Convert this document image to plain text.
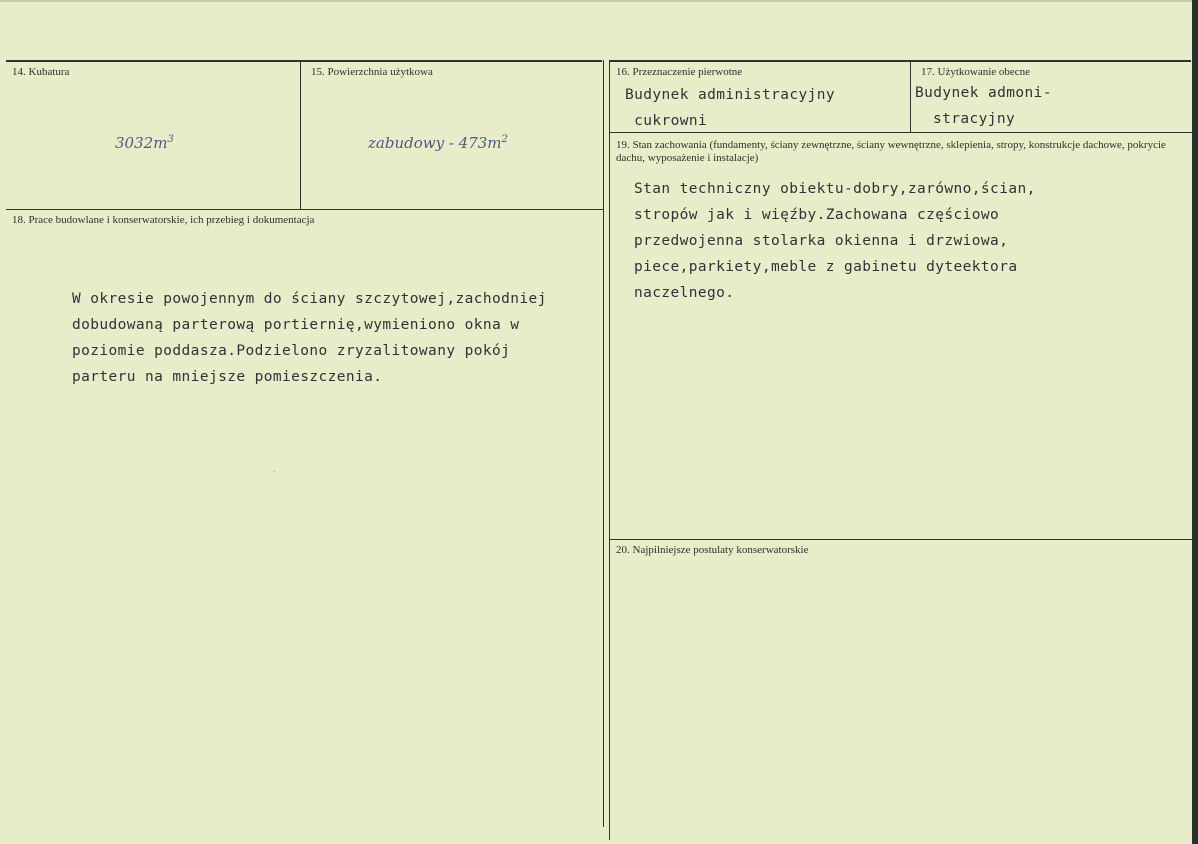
14. Kubatura
$3032m^3$
15. Powierzchnia użytkowa
zabudowy - $473m^2$
16. Przeznaczenie pierwotne
Budynek administracyjny
cukrowni
17. Użytkowanie obecne
Budynek admoni-
stracyjny
18. Prace budowlane i konserwatorskie, ich przebieg i dokumentacja
W okresie powojennym do ściany szczytowej,zachodniej
dobudowaną parterową portiernię,wymieniono okna w
poziomie poddasza.Podzielono zryzalitowany pokój
parteru na mniejsze pomieszczenia.
·
19. Stan zachowania (fundamenty, ściany zewnętrzne, ściany wewnętrzne, sklepienia, stropy, konstrukcje dachowe, pokrycie dachu, wyposażenie i instalacje)
Stan techniczny obiektu-dobry,zarówno,ścian,
stropów jak i więźby.Zachowana częściowo
przedwojenna stolarka okienna i drzwiowa,
piece,parkiety,meble z gabinetu dyteektora
naczelnego.
20. Najpilniejsze postulaty konserwatorskie
